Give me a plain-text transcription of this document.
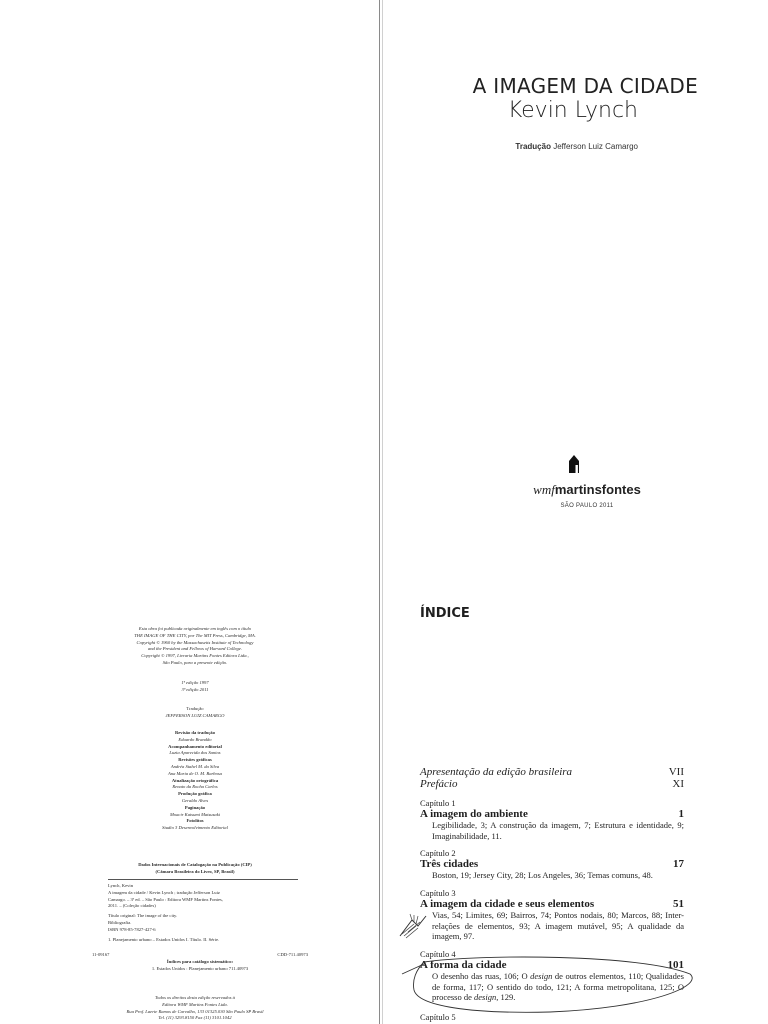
A IMAGEM DA CIDADE
Kevin Lynch
Tradução Jefferson Luiz Camargo
wmfmartinsfontes
SÃO PAULO 2011
Esta obra foi publicada originalmente em inglês com o título
THE IMAGE OF THE CITY, por The MIT Press, Cambridge, MA.
Copyright © 1960 by the Massachusetts Institute of Technology
and the President and Fellows of Harvard College.
Copyright © 1997, Livraria Martins Fontes Editora Ltda.,
São Paulo, para a presente edição.
1ª edição 1997
3ª edição 2011
Tradução
JEFFERSON LUIZ CAMARGO
Revisão da tradução
Eduardo Brandão
Acompanhamento editorial
Luzia Aparecida dos Santos
Revisões gráficas
Andréa Stahel M. da Silva
Ana Maria de O. M. Barbosa
Atualização ortográfica
Renato da Rocha Carlos
Produção gráfica
Geraldo Alves
Paginação
Moacir Katsumi Matsusaki
Fotolitos
Studio 3 Desenvolvimento Editorial
Dados Internacionais de Catalogação na Publicação (CIP)
(Câmara Brasileira do Livro, SP, Brasil)

Lynch, Kevin

A imagem da cidade / Kevin Lynch ; tradução Jefferson Luiz

Camargo. – 3ª ed. – São Paulo : Editora WMF Martins Fontes,

2011. – (Coleção cidades)

Título original: The image of the city.

Bibliografia.

ISBN 978-85-7827-427-6

1. Planejamento urbano – Estados Unidos I. Título. II. Série.

11-09167	CDD-711.40973
Índices para catálogo sistemático:
1. Estados Unidos : Planejamento urbano 711.40973
Todos os direitos desta edição reservados à
Editora WMF Martins Fontes Ltda.
Rua Prof. Laerte Ramos de Carvalho, 133 01325.030 São Paulo SP Brasil
Tel. (11) 3293.8150 Fax (11) 3101.1042
ÍNDICE
Apresentação da edição brasileira	VII
Prefácio	XI
Capítulo 1
A imagem do ambiente	1
Legibilidade, 3; A construção da imagem, 7; Estrutura e identidade, 9; Imaginabilidade, 11.
Capítulo 2
Três cidades	17
Boston, 19; Jersey City, 28; Los Angeles, 36; Temas comuns, 48.
Capítulo 3
A imagem da cidade e seus elementos	51
Vias, 54; Limites, 69; Bairros, 74; Pontos nodais, 80; Marcos, 88; Inter-relações de elementos, 93; A imagem mutável, 95; A qualidade da imagem, 97.
Capítulo 4
A forma da cidade	101
O desenho das ruas, 106; O design de outros elementos, 110; Qualidades de forma, 117; O sentido do todo, 121; A forma metropolitana, 125; O processo de design, 129.
Capítulo 5
